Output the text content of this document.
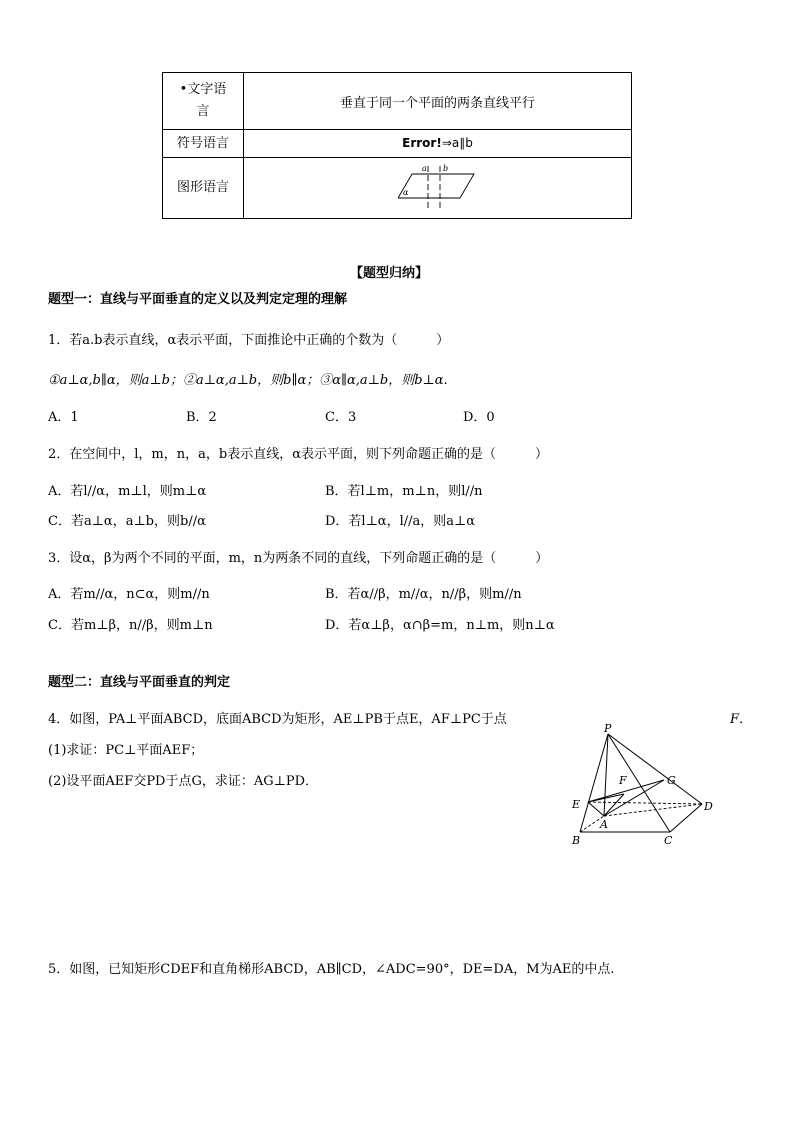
•文字语
言	垂直于同一个平面的两条直线平行
符号语言	Error!⇒a∥b
图形语言	a b
α
【题型归纳】
题型一：直线与平面垂直的定义以及判定定理的理解
1．若a.b表示直线，α表示平面，下面推论中正确的个数为（　　　）
①a⊥α,b∥α，则a⊥b；②a⊥α,a⊥b，则b∥α；③α∥α,a⊥b，则b⊥α.
A．1	B．2	C．3	D．0
2．在空间中，l，m，n，a，b表示直线，α表示平面，则下列命题正确的是（　　　）
A．若l//α，m⊥l，则m⊥α	B．若l⊥m，m⊥n，则l//n
C．若a⊥α，a⊥b，则b//α	D．若l⊥α，l//a，则a⊥α
3．设α，β为两个不同的平面，m，n为两条不同的直线，下列命题正确的是（　　　）
A．若m//α，n⊂α，则m//n	B．若α//β，m//α，n//β，则m//n
C．若m⊥β，n//β，则m⊥n	D．若α⊥β，α∩β=m，n⊥m，则n⊥α
题型二：直线与平面垂直的判定
4．如图，PA⊥平面ABCD，底面ABCD为矩形，AE⊥PB于点E，AF⊥PC于点	F．
(1)求证：PC⊥平面AEF；
(2)设平面AEF交PD于点G，求证：AG⊥PD．
P
F	G
E	D
A
B	C
5．如图，已知矩形CDEF和直角梯形ABCD，AB∥CD，∠ADC=90°，DE=DA，M为AE的中点.
